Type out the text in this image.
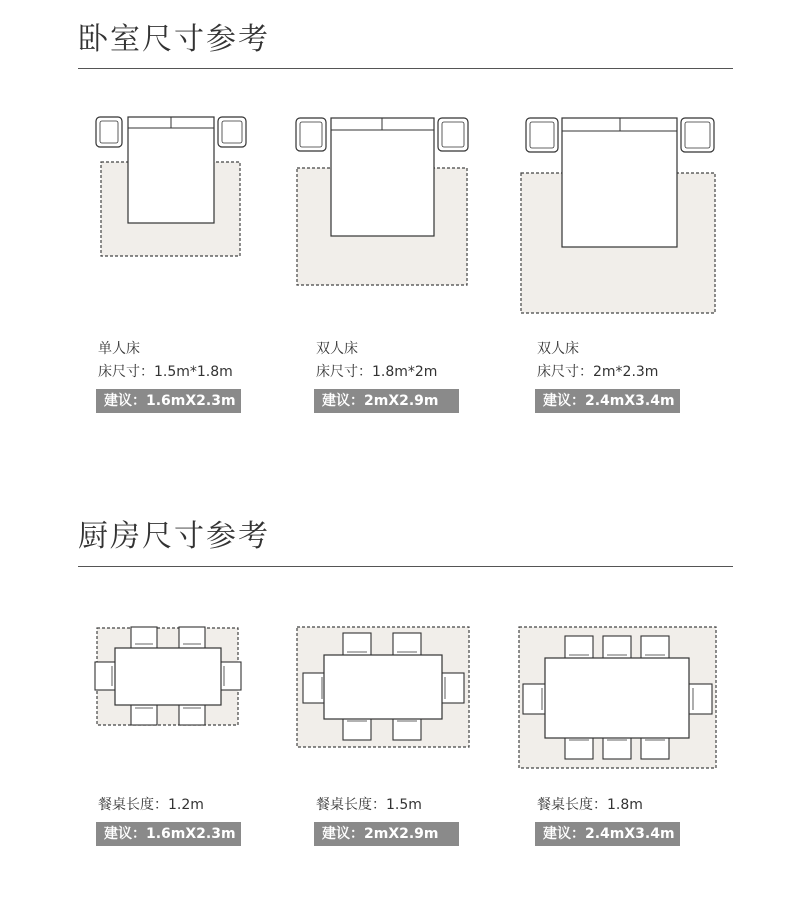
卧室尺寸参考
单人床
床尺寸：1.5m*1.8m
建议：1.6mX2.3m
双人床
床尺寸：1.8m*2m
建议：2mX2.9m
双人床
床尺寸：2m*2.3m
建议：2.4mX3.4m
厨房尺寸参考
餐桌长度：1.2m
建议：1.6mX2.3m
餐桌长度：1.5m
建议：2mX2.9m
餐桌长度：1.8m
建议：2.4mX3.4m
